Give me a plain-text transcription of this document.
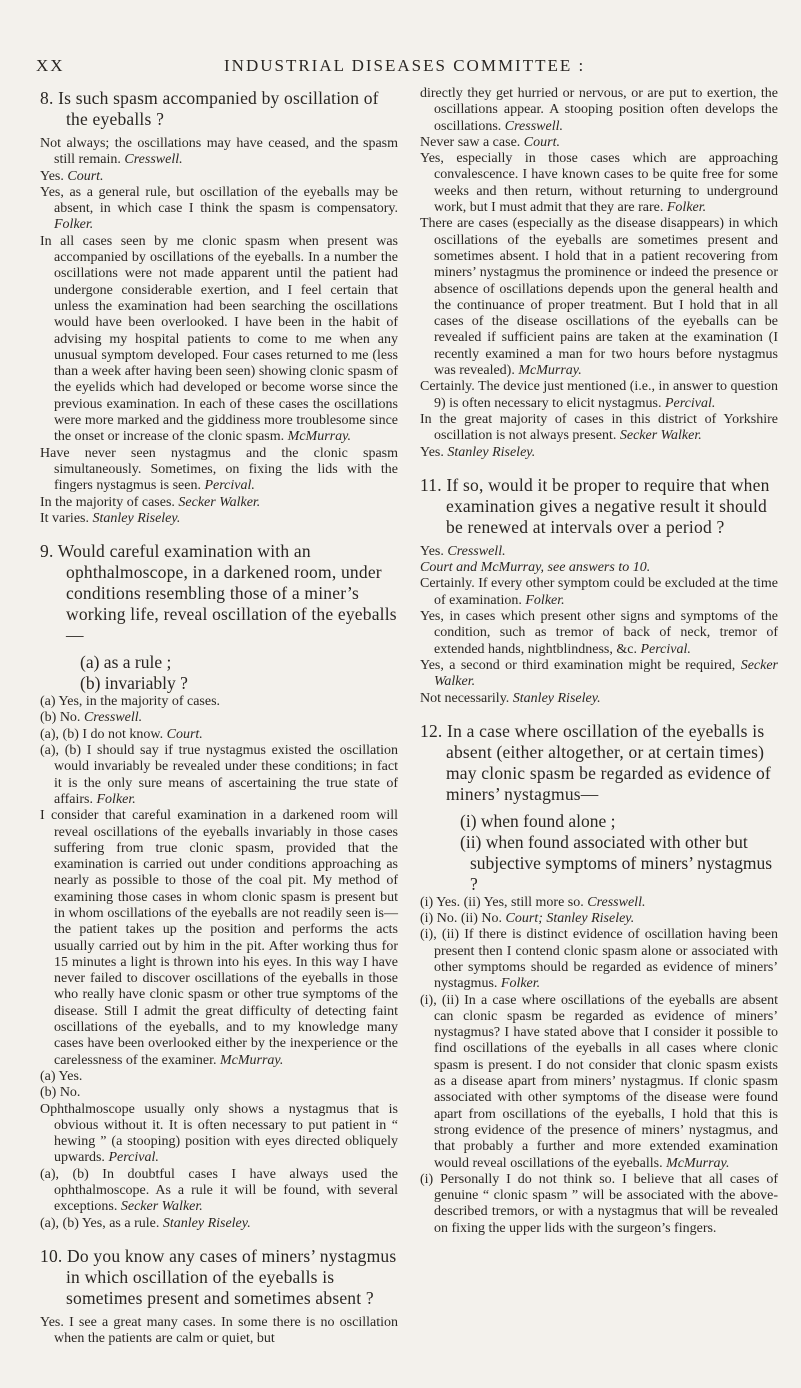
XX	INDUSTRIAL DISEASES COMMITTEE :
8. Is such spasm accompanied by oscillation of the eyeballs ?
Not always; the oscillations may have ceased, and the spasm still remain. Cresswell.
Yes. Court.
Yes, as a general rule, but oscillation of the eyeballs may be absent, in which case I think the spasm is compensatory. Folker.
In all cases seen by me clonic spasm when present was accompanied by oscillations of the eyeballs. In a number the oscillations were not made apparent until the patient had undergone considerable exertion, and I feel certain that unless the examination had been searching the oscillations would have been overlooked. I have been in the habit of advising my hospital patients to come to me when any unusual symptom developed. Four cases returned to me (less than a week after having been seen) showing clonic spasm of the eyelids which had developed or become worse since the previous examination. In each of these cases the oscillations were more marked and the giddiness more troublesome since the onset or increase of the clonic spasm. McMurray.
Have never seen nystagmus and the clonic spasm simultaneously. Sometimes, on fixing the lids with the fingers nystagmus is seen. Percival.
In the majority of cases. Secker Walker.
It varies. Stanley Riseley.
9. Would careful examination with an ophthalmoscope, in a darkened room, under conditions resembling those of a miner’s working life, reveal oscillation of the eyeballs—
(a) as a rule ;
(b) invariably ?
(a) Yes, in the majority of cases.
(b) No. Cresswell.
(a), (b) I do not know. Court.
(a), (b) I should say if true nystagmus existed the oscillation would invariably be revealed under these conditions; in fact it is the only sure means of ascertaining the true state of affairs. Folker.
I consider that careful examination in a darkened room will reveal oscillations of the eyeballs invariably in those cases suffering from true clonic spasm, provided that the examination is carried out under conditions approaching as nearly as possible to those of the coal pit. My method of examining those cases in whom clonic spasm is present but in whom oscillations of the eyeballs are not readily seen is—the patient takes up the position and performs the acts usually carried out by him in the pit. After working thus for 15 minutes a light is thrown into his eyes. In this way I have never failed to discover oscillations of the eyeballs in those who really have clonic spasm or other true symptoms of the disease. Still I admit the great difficulty of detecting faint oscillations of the eyeballs, and to my knowledge many cases have been overlooked either by the inexperience or the carelessness of the examiner. McMurray.
(a) Yes.
(b) No.
Ophthalmoscope usually only shows a nystagmus that is obvious without it. It is often necessary to put patient in “ hewing ” (a stooping) position with eyes directed obliquely upwards. Percival.
(a), (b) In doubtful cases I have always used the ophthalmoscope. As a rule it will be found, with several exceptions. Secker Walker.
(a), (b) Yes, as a rule. Stanley Riseley.
10. Do you know any cases of miners’ nystagmus in which oscillation of the eyeballs is sometimes present and sometimes absent ?
Yes. I see a great many cases. In some there is no oscillation when the patients are calm or quiet, but
directly they get hurried or nervous, or are put to exertion, the oscillations appear. A stooping position often develops the oscillations. Cresswell.
Never saw a case. Court.
Yes, especially in those cases which are approaching convalescence. I have known cases to be quite free for some weeks and then return, without returning to underground work, but I must admit that they are rare. Folker.
There are cases (especially as the disease disappears) in which oscillations of the eyeballs are sometimes present and sometimes absent. I hold that in a patient recovering from miners’ nystagmus the prominence or indeed the presence or absence of oscillations depends upon the general health and the continuance of proper treatment. But I hold that in all cases of the disease oscillations of the eyeballs can be revealed if sufficient pains are taken at the examination (I recently examined a man for two hours before nystagmus was revealed). McMurray.
Certainly. The device just mentioned (i.e., in answer to question 9) is often necessary to elicit nystagmus. Percival.
In the great majority of cases in this district of Yorkshire oscillation is not always present. Secker Walker.
Yes. Stanley Riseley.
11. If so, would it be proper to require that when examination gives a negative result it should be renewed at intervals over a period ?
Yes. Cresswell.
Court and McMurray, see answers to 10.
Certainly. If every other symptom could be excluded at the time of examination. Folker.
Yes, in cases which present other signs and symptoms of the condition, such as tremor of back of neck, tremor of extended hands, nightblindness, &c. Percival.
Yes, a second or third examination might be required, Secker Walker.
Not necessarily. Stanley Riseley.
12. In a case where oscillation of the eyeballs is absent (either altogether, or at certain times) may clonic spasm be regarded as evidence of miners’ nystagmus—
(i) when found alone ;
(ii) when found associated with other but subjective symptoms of miners’ nystagmus ?
(i) Yes. (ii) Yes, still more so. Cresswell.
(i) No. (ii) No. Court; Stanley Riseley.
(i), (ii) If there is distinct evidence of oscillation having been present then I contend clonic spasm alone or associated with other symptoms should be regarded as evidence of miners’ nystagmus. Folker.
(i), (ii) In a case where oscillations of the eyeballs are absent can clonic spasm be regarded as evidence of miners’ nystagmus? I have stated above that I consider it possible to find oscillations of the eyeballs in all cases where clonic spasm is present. I do not consider that clonic spasm exists as a disease apart from miners’ nystagmus. If clonic spasm associated with other symptoms of the disease were found apart from oscillations of the eyeballs, I hold that this is strong evidence of the presence of miners’ nystagmus, and that probably a further and more extended examination would reveal oscillations of the eyeballs. McMurray.
(i) Personally I do not think so. I believe that all cases of genuine “ clonic spasm ” will be associated with the above-described tremors, or with a nystagmus that will be revealed on fixing the upper lids with the surgeon’s fingers.
